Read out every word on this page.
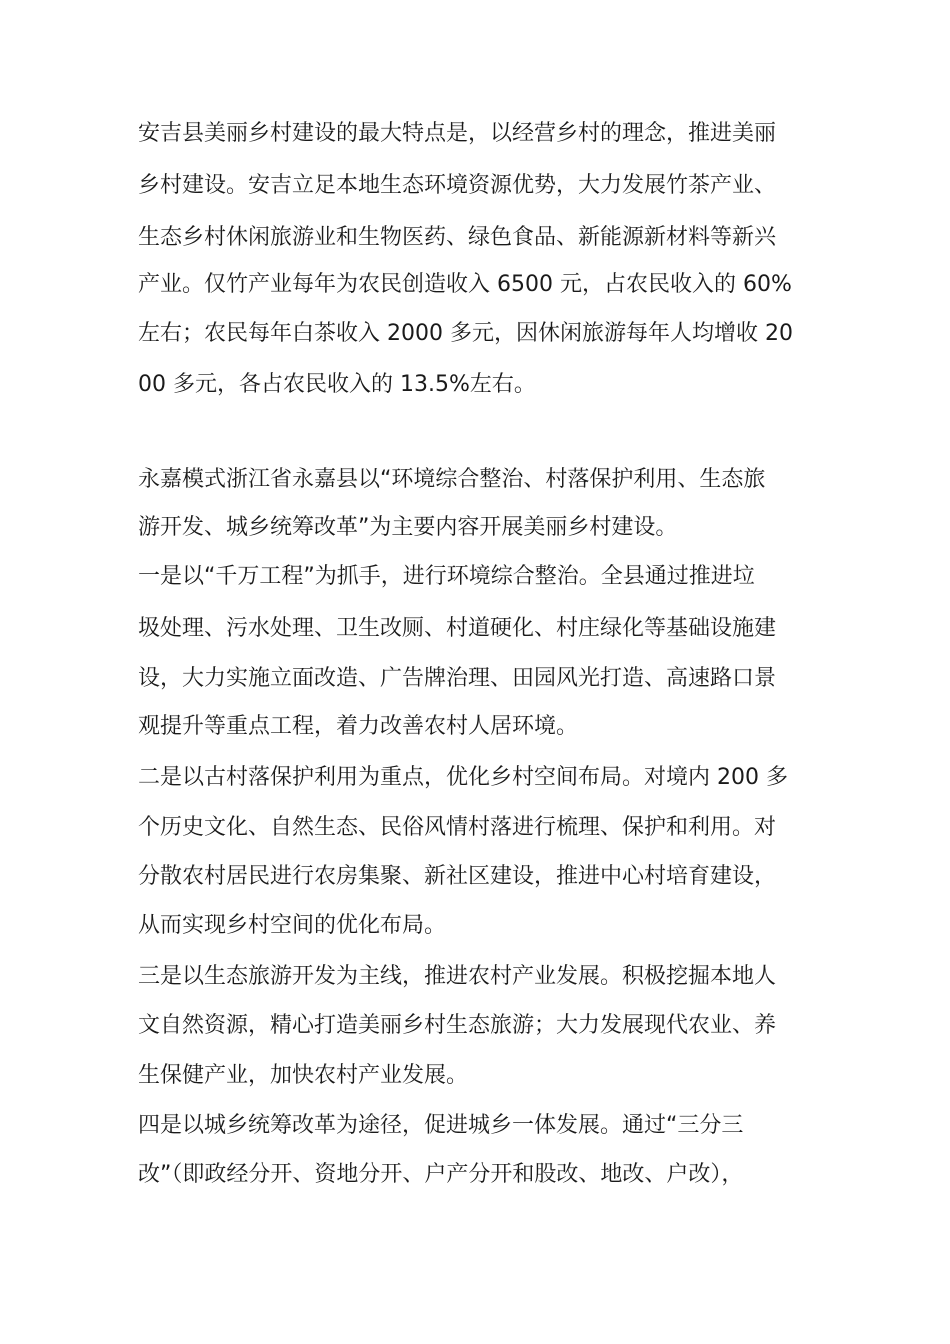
安吉县美丽乡村建设的最大特点是，以经营乡村的理念，推进美丽
乡村建设。安吉立足本地生态环境资源优势，大力发展竹茶产业、
生态乡村休闲旅游业和生物医药、绿色食品、新能源新材料等新兴
产业。仅竹产业每年为农民创造收入 6500 元，占农民收入的 60%
左右；农民每年白茶收入 2000 多元，因休闲旅游每年人均增收 20
00 多元，各占农民收入的 13.5%左右。
永嘉模式浙江省永嘉县以“环境综合整治、村落保护利用、生态旅
游开发、城乡统筹改革”为主要内容开展美丽乡村建设。
一是以“千万工程”为抓手，进行环境综合整治。全县通过推进垃
圾处理、污水处理、卫生改厕、村道硬化、村庄绿化等基础设施建
设，大力实施立面改造、广告牌治理、田园风光打造、高速路口景
观提升等重点工程，着力改善农村人居环境。
二是以古村落保护利用为重点，优化乡村空间布局。对境内 200 多
个历史文化、自然生态、民俗风情村落进行梳理、保护和利用。对
分散农村居民进行农房集聚、新社区建设，推进中心村培育建设，
从而实现乡村空间的优化布局。
三是以生态旅游开发为主线，推进农村产业发展。积极挖掘本地人
文自然资源，精心打造美丽乡村生态旅游；大力发展现代农业、养
生保健产业，加快农村产业发展。
四是以城乡统筹改革为途径，促进城乡一体发展。通过“三分三
改”（即政经分开、资地分开、户产分开和股改、地改、户改），
